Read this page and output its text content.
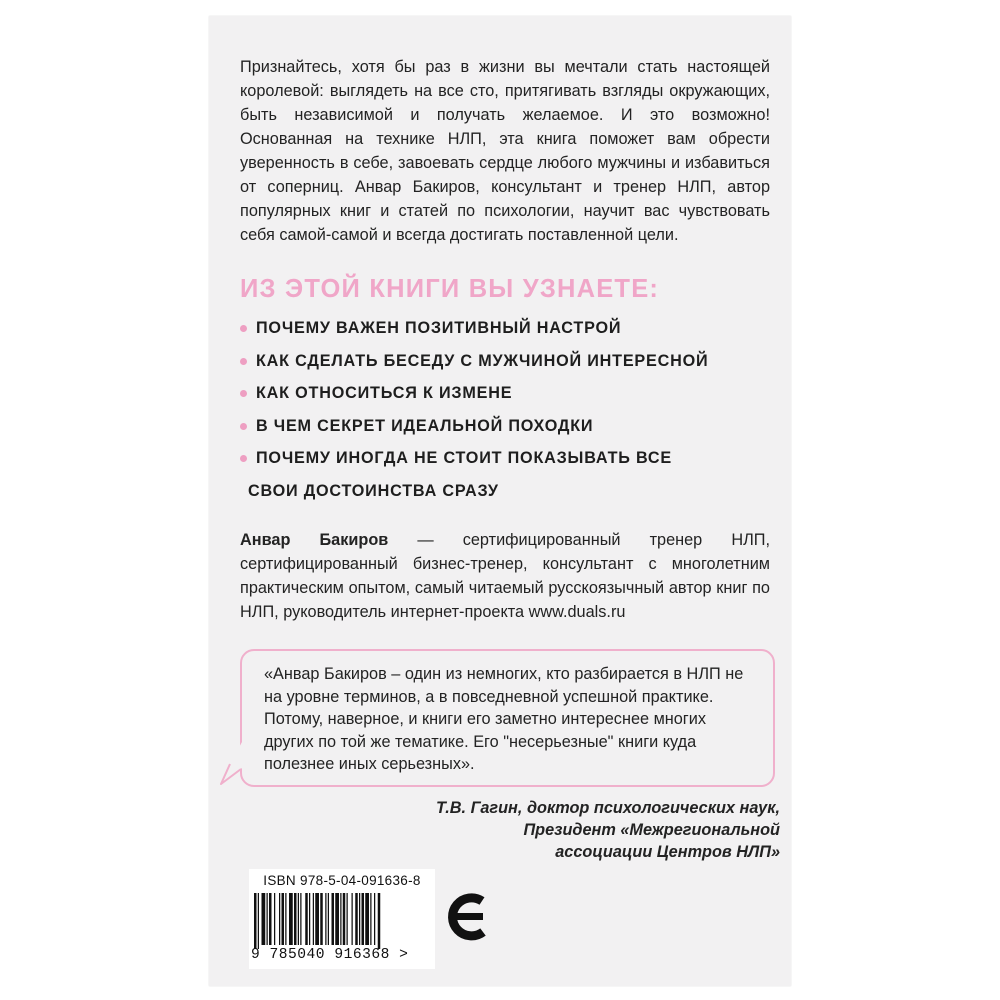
Признайтесь, хотя бы раз в жизни вы мечтали стать настоящей королевой: выглядеть на все сто, притягивать взгляды окружающих, быть независимой и получать желаемое. И это возможно! Основанная на технике НЛП, эта книга поможет вам обрести уверенность в себе, завоевать сердце любого мужчины и избавиться от соперниц. Анвар Бакиров, консультант и тренер НЛП, автор популярных книг и статей по психологии, научит вас чувствовать себя самой-самой и всегда достигать поставленной цели.

ИЗ ЭТОЙ КНИГИ ВЫ УЗНАЕТЕ:
ПОЧЕМУ ВАЖЕН ПОЗИТИВНЫЙ НАСТРОЙ
КАК СДЕЛАТЬ БЕСЕДУ С МУЖЧИНОЙ ИНТЕРЕСНОЙ
КАК ОТНОСИТЬСЯ К ИЗМЕНЕ
В ЧЕМ СЕКРЕТ ИДЕАЛЬНОЙ ПОХОДКИ
ПОЧЕМУ ИНОГДА НЕ СТОИТ ПОКАЗЫВАТЬ ВСЕ
СВОИ ДОСТОИНСТВА СРАЗУ

Анвар Бакиров — сертифицированный тренер НЛП, сертифицированный бизнес-тренер, консультант с многолетним практическим опытом, самый читаемый русскоязычный автор книг по НЛП, руководитель интернет-проекта www.duals.ru

«Анвар Бакиров – один из немногих, кто разбирается в НЛП не на уровне терминов, а в повседневной успешной практике. Потому, наверное, и книги его заметно интереснее многих других по той же тематике. Его "несерьезные" книги куда полезнее иных серьезных».

Т.В. Гагин, доктор психологических наук,
Президент «Межрегиональной
ассоциации Центров НЛП»
ISBN 978-5-04-091636-8
9 785040 916368 >
